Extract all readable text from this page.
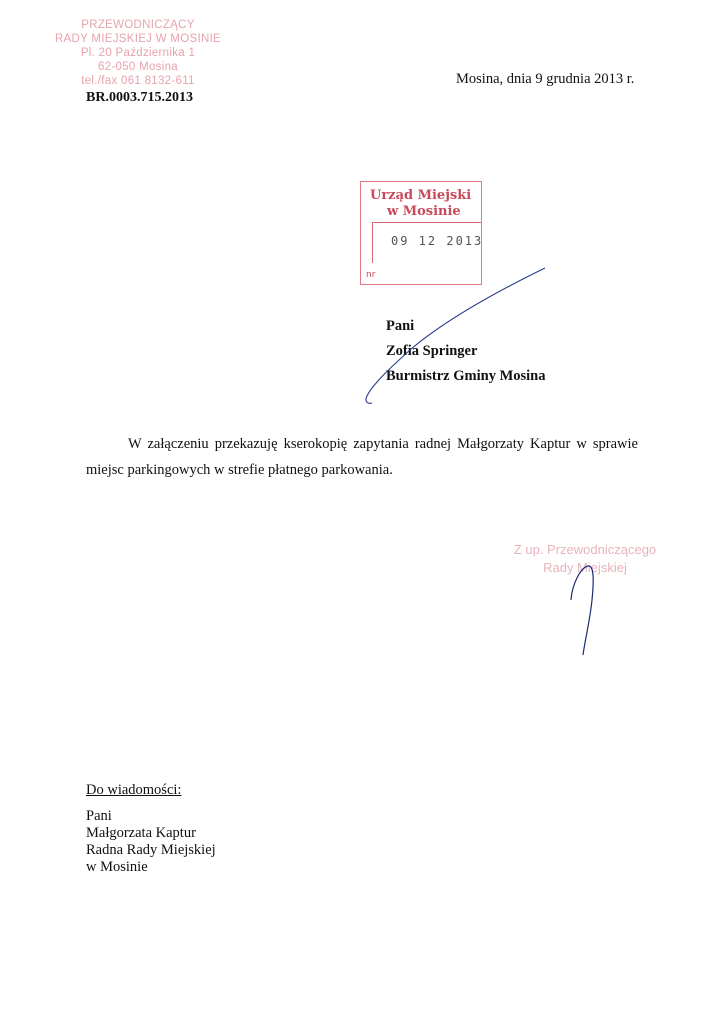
PRZEWODNICZĄCY
RADY MIEJSKIEJ W MOSINIE
Pl. 20 Października 1
62-050 Mosina
tel./fax 061 8132-611
BR.0003.715.2013
Mosina, dnia 9 grudnia 2013 r.
Urząd Miejski
w Mosinie
09 12 2013
nr
Pani
Zofia Springer
Burmistrz Gminy Mosina
W załączeniu przekazuję kserokopię zapytania radnej Małgorzaty Kaptur w sprawie miejsc parkingowych w strefie płatnego parkowania.
Z up. Przewodniczącego
Rady Miejskiej
Do wiadomości:
Pani
Małgorzata Kaptur
Radna Rady Miejskiej
w Mosinie
